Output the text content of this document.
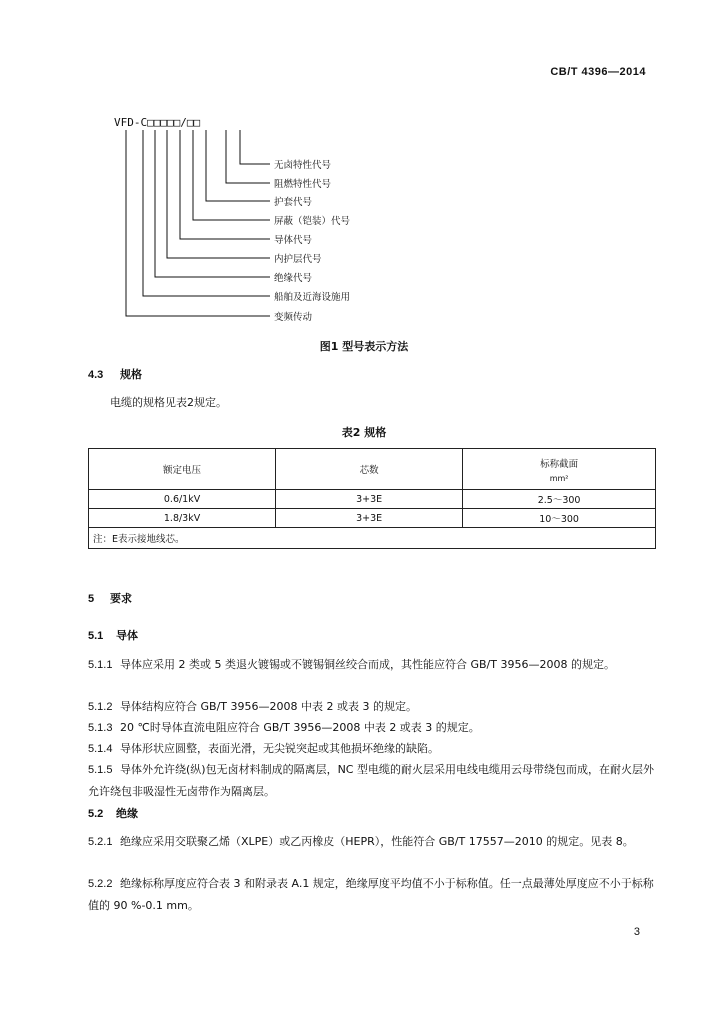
CB/T 4396—2014
VFD-C□□□□□/□□
无卤特性代号
阻燃特性代号
护套代号
屏蔽（铠装）代号
导体代号
内护层代号
绝缘代号
船舶及近海设施用
变频传动
图1 型号表示方法
4.3 规格
电缆的规格见表2规定。
表2 规格
额定电压	芯数	标称截面
mm²

0.6/1kV	3+3E	2.5～300
1.8/3kV	3+3E	10～300
注：E表示接地线芯。		
5 要求
5.1 导体
5.1.1 导体应采用 2 类或 5 类退火镀锡或不镀锡铜丝绞合而成，其性能应符合 GB/T 3956—2008 的规定。
5.1.2 导体结构应符合 GB/T 3956—2008 中表 2 或表 3 的规定。
5.1.3 20 ℃时导体直流电阻应符合 GB/T 3956—2008 中表 2 或表 3 的规定。
5.1.4 导体形状应圆整，表面光滑，无尖锐突起或其他损坏绝缘的缺陷。
5.1.5 导体外允许绕(纵)包无卤材料制成的隔离层，NC 型电缆的耐火层采用电线电缆用云母带绕包而成，在耐火层外允许绕包非吸湿性无卤带作为隔离层。
5.2 绝缘
5.2.1 绝缘应采用交联聚乙烯（XLPE）或乙丙橡皮（HEPR），性能符合 GB/T 17557—2010 的规定。见表 8。
5.2.2 绝缘标称厚度应符合表 3 和附录表 A.1 规定，绝缘厚度平均值不小于标称值。任一点最薄处厚度应不小于标称值的 90 %-0.1 mm。
3
